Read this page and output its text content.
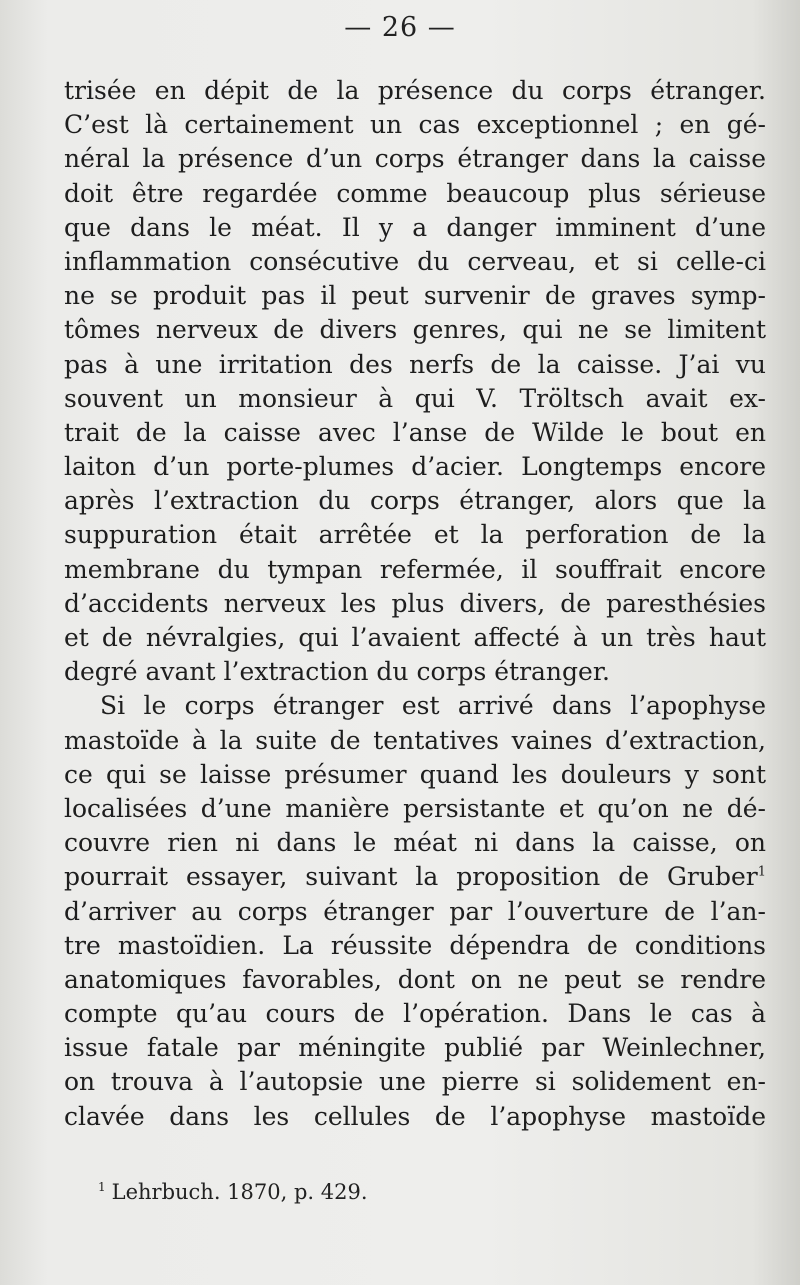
— 26 —
trisée en dépit de la présence du corps étranger.
C’est là certainement un cas exceptionnel ; en gé-
néral la présence d’un corps étranger dans la caisse
doit être regardée comme beaucoup plus sérieuse
que dans le méat. Il y a danger imminent d’une
inflammation consécutive du cerveau, et si celle-ci
ne se produit pas il peut survenir de graves symp-
tômes nerveux de divers genres, qui ne se limitent
pas à une irritation des nerfs de la caisse. J’ai vu
souvent un monsieur à qui V. Tröltsch avait ex-
trait de la caisse avec l’anse de Wilde le bout en
laiton d’un porte-plumes d’acier. Longtemps encore
après l’extraction du corps étranger, alors que la
suppuration était arrêtée et la perforation de la
membrane du tympan refermée, il souffrait encore
d’accidents nerveux les plus divers, de paresthésies
et de névralgies, qui l’avaient affecté à un très haut
degré avant l’extraction du corps étranger.
Si le corps étranger est arrivé dans l’apophyse
mastoïde à la suite de tentatives vaines d’extraction,
ce qui se laisse présumer quand les douleurs y sont
localisées d’une manière persistante et qu’on ne dé-
couvre rien ni dans le méat ni dans la caisse, on
pourrait essayer, suivant la proposition de Gruber$^1$
d’arriver au corps étranger par l’ouverture de l’an-
tre mastoïdien. La réussite dépendra de conditions
anatomiques favorables, dont on ne peut se rendre
compte qu’au cours de l’opération. Dans le cas à
issue fatale par méningite publié par Weinlechner,
on trouva à l’autopsie une pierre si solidement en-
clavée dans les cellules de l’apophyse mastoïde
$^1$ Lehrbuch. 1870, p. 429.
